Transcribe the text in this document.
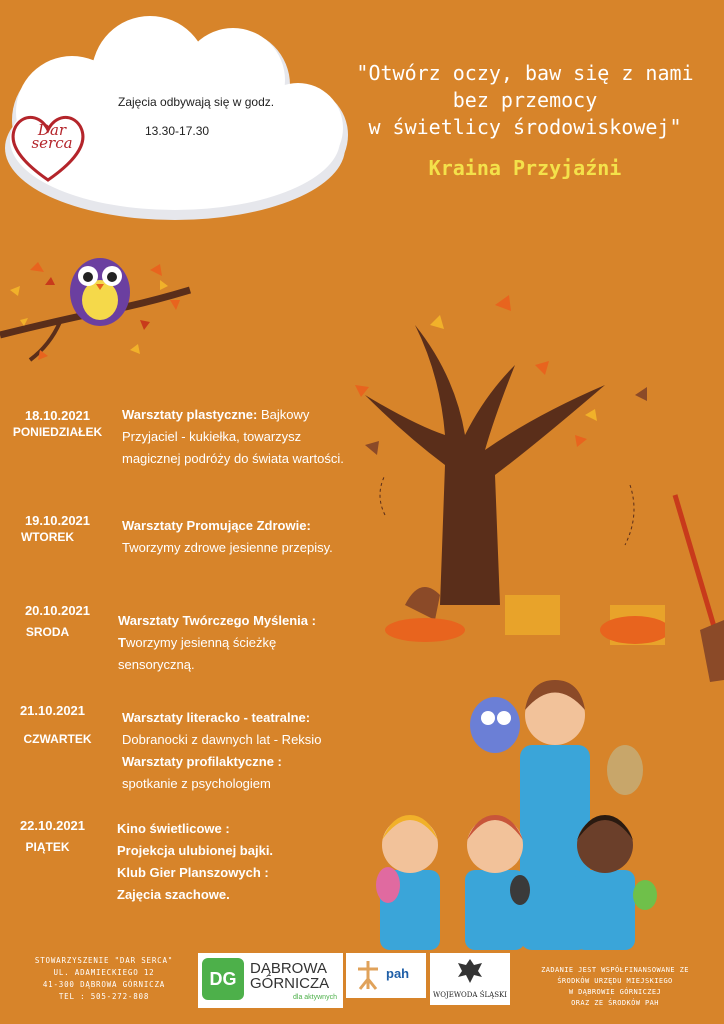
Dar
serca
Zajęcia odbywają się w godz.
13.30-17.30
"Otwórz oczy, baw się z nami
bez przemocy
w świetlicy środowiskowej"
Kraina Przyjaźni
18.10.2021
PONIEDZIAŁEK
Warsztaty plastyczne: Bajkowy Przyjaciel - kukiełka, towarzysz magicznej podróży do świata wartości.
19.10.2021
WTOREK
Warsztaty Promujące Zdrowie:
Tworzymy zdrowe jesienne przepisy.
20.10.2021
SRODA
Warsztaty Twórczego Myślenia :
Tworzymy jesienną ścieżkę sensoryczną.
21.10.2021
CZWARTEK
Warsztaty literacko - teatralne:
Dobranocki z dawnych lat - Reksio
Warsztaty profilaktyczne :
spotkanie z psychologiem
22.10.2021
PIĄTEK
Kino świetlicowe :
Projekcja ulubionej bajki.
Klub Gier Planszowych :
Zajęcia szachowe.
STOWARZYSZENIE "DAR SERCA"
UL. ADAMIECKIEGO 12
41-300 DĄBROWA GÓRNICZA
TEL : 505-272-808
DG
DĄBROWA
GÓRNICZA
dla aktywnych
pah
WOJEWODA ŚLĄSKI
ZADANIE JEST WSPÓŁFINANSOWANE ZE
ŚRODKÓW URZĘDU MIEJSKIEGO
W DĄBROWIE GÓRNICZEJ
ORAZ ZE ŚRODKÓW PAH
